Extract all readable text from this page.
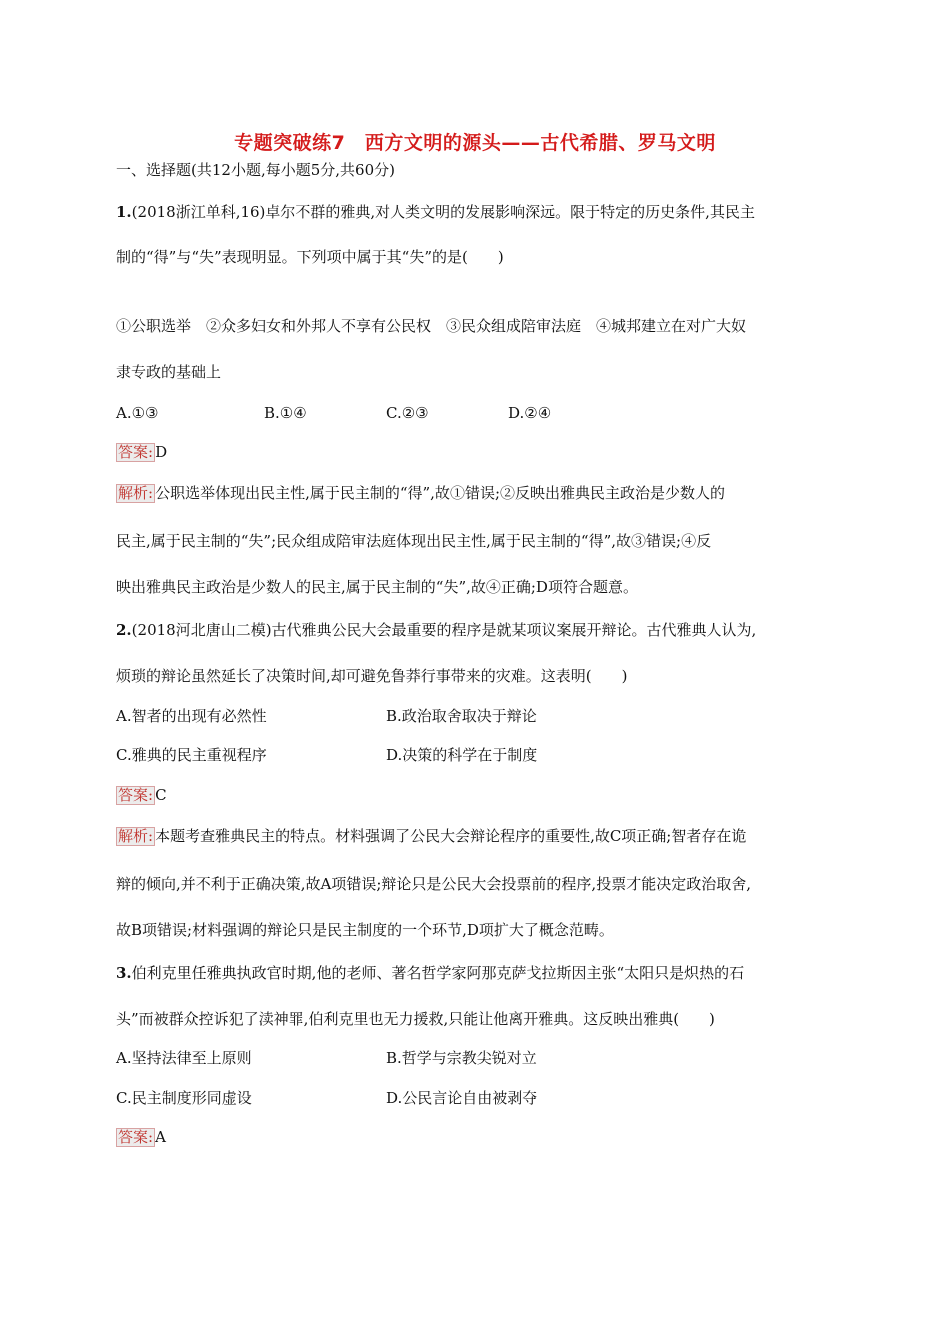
专题突破练7　西方文明的源头——古代希腊、罗马文明
一、选择题(共12小题,每小题5分,共60分)
1.(2018浙江单科,16)卓尔不群的雅典,对人类文明的发展影响深远。限于特定的历史条件,其民主
制的“得”与“失”表现明显。下列项中属于其“失”的是(　　)
①公职选举　②众多妇女和外邦人不享有公民权　③民众组成陪审法庭　④城邦建立在对广大奴
隶专政的基础上
A.①③	B.①④	C.②③	D.②④
答案: D
解析: 公职选举体现出民主性,属于民主制的“得”,故①错误;②反映出雅典民主政治是少数人的
民主,属于民主制的“失”;民众组成陪审法庭体现出民主性,属于民主制的“得”,故③错误;④反
映出雅典民主政治是少数人的民主,属于民主制的“失”,故④正确;D项符合题意。
2.(2018河北唐山二模)古代雅典公民大会最重要的程序是就某项议案展开辩论。古代雅典人认为,
烦琐的辩论虽然延长了决策时间,却可避免鲁莽行事带来的灾难。这表明(　　)
A.智者的出现有必然性	B.政治取舍取决于辩论
C.雅典的民主重视程序	D.决策的科学在于制度
答案: C
解析: 本题考查雅典民主的特点。材料强调了公民大会辩论程序的重要性,故C项正确;智者存在诡
辩的倾向,并不利于正确决策,故A项错误;辩论只是公民大会投票前的程序,投票才能决定政治取舍,
故B项错误;材料强调的辩论只是民主制度的一个环节,D项扩大了概念范畴。
3.伯利克里任雅典执政官时期,他的老师、著名哲学家阿那克萨戈拉斯因主张“太阳只是炽热的石
头”而被群众控诉犯了渎神罪,伯利克里也无力援救,只能让他离开雅典。这反映出雅典(　　)
A.坚持法律至上原则	B.哲学与宗教尖锐对立
C.民主制度形同虚设	D.公民言论自由被剥夺
答案: A
